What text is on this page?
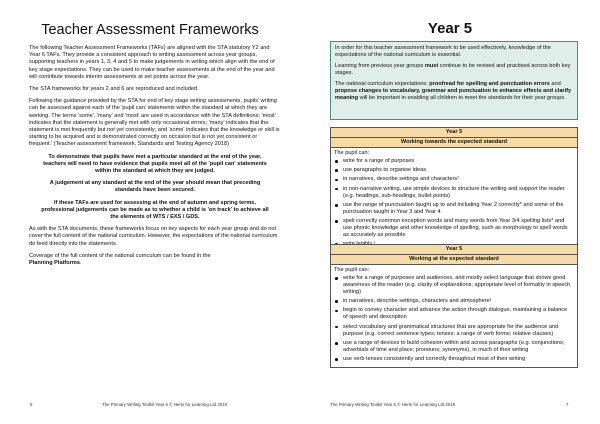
Teacher Assessment Frameworks

The following Teacher Assessment Frameworks (TAFs) are aligned with the STA statutory Y2 and Year 6 TAFs. They provide a consistent approach to writing assessment across year groups, supporting teachers in years 1, 3, 4 and 5 to make judgements in writing which align with the end of key stage expectations. They can be used to make teacher assessments at the end of the year and will contribute towards interim assessments at set points across the year.

The STA frameworks for years 2 and 6 are reproduced and included.

Following the guidance provided by the STA for end of key stage writing assessments, pupils' writing can be assessed against each of the 'pupil can' statements within the standard at which they are working. The terms 'some', 'many' and 'most' are used in accordance with the STA definitions; 'most' indicates that the statement is generally met with only occasional errors; 'many' indicates that the statement is met frequently but not yet consistently; and 'some' indicates that the knowledge or skill is starting to be acquired and is demonstrated correctly on occasion but is not yet consistent or frequent.' (Teacher assessment framework, Standards and Testing Agency 2018)

To demonstrate that pupils have met a particular standard at the end of the year, teachers will need to have evidence that pupils meet all of the 'pupil can' statements within the standard at which they are judged.

A judgement at any standard at the end of the year should mean that preceding standards have been secured.

If these TAFs are used for assessing at the end of autumn and spring terms, professional judgements can be made as to whether a child is 'on track' to achieve all the elements of WTS / EXS / GDS.

As with the STA documents, these frameworks focus on key aspects for each year group and do not cover the full content of the national curriculum. However, the expectations of the national curriculum do feed directly into the statements.

Coverage of the full content of the national curriculum can be found in the
Planning Platforms.

6	The Primary Writing Toolkit Year 5 © Herts for Learning Ltd 2019
Year 5

In order for this teacher assessment framework to be used effectively, knowledge of the expectations of the national curriculum is essential.

Learning from previous year groups must continue to be revised and practised across both key stages.

The national curriculum expectations: proofread for spelling and punctuation errors and propose changes to vocabulary, grammar and punctuation to enhance effects and clarify meaning will be important in enabling all children to meet the standards for their year groups.

Year 5
Working towards the expected standard
The pupil can:
write for a range of purposes
use paragraphs to organise ideas
in narratives, describe settings and characters¹
in non-narrative writing, use simple devices to structure the writing and support the reader (e.g. headings, sub-headings, bullet points)
use the range of punctuation taught up to and including Year 2 correctly* and some of the punctuation taught in Year 3 and Year 4
spell correctly common exception words and many words from Year 3/4 spelling lists* and use phonic knowledge and other knowledge of spelling, such as morphology to spell words as accurately as possible
Year 5
Working at the expected standard
The pupil can:
write for a range of purposes and audiences, and mostly select language that shows good awareness of the reader (e.g. clarity of explanations; appropriate level of formality in speech writing)
in narratives, describe settings, characters and atmosphere¹
begin to convey character and advance the action through dialogue, maintaining a balance of speech and description
select vocabulary and grammatical structures that are appropriate for the audience and purpose (e.g. correct sentence types; tenses; a range of verb forms; relative clauses)
use a range of devices to build cohesion within and across paragraphs (e.g. conjunctions; adverbials of time and place; pronouns; synonyms), in much of their writing
use verb tenses consistently and correctly throughout most of their writing
The Primary Writing Toolkit Year 5 © Herts for Learning Ltd 2019	7
